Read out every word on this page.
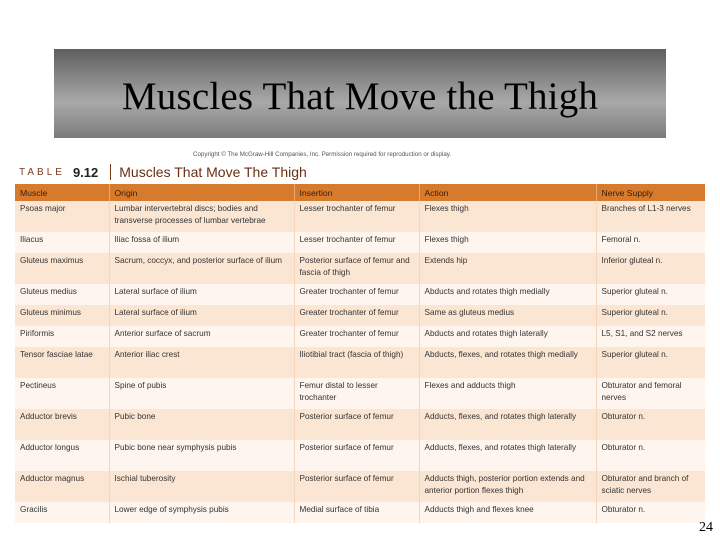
Muscles That Move the Thigh
Copyright © The McGraw-Hill Companies, Inc. Permission required for reproduction or display.
TABLE 9.12 Muscles That Move The Thigh
Muscle	Origin	Insertion	Action	Nerve Supply
Psoas major	Lumbar intervertebral discs; bodies and transverse processes of lumbar vertebrae	Lesser trochanter of femur	Flexes thigh	Branches of L1-3 nerves
Iliacus	Iliac fossa of ilium	Lesser trochanter of femur	Flexes thigh	Femoral n.
Gluteus maximus	Sacrum, coccyx, and posterior surface of ilium	Posterior surface of femur and fascia of thigh	Extends hip	Inferior gluteal n.
Gluteus medius	Lateral surface of ilium	Greater trochanter of femur	Abducts and rotates thigh medially	Superior gluteal n.
Gluteus minimus	Lateral surface of ilium	Greater trochanter of femur	Same as gluteus medius	Superior gluteal n.
Piriformis	Anterior surface of sacrum	Greater trochanter of femur	Abducts and rotates thigh laterally	L5, S1, and S2 nerves
Tensor fasciae latae	Anterior iliac crest	Iliotibial tract (fascia of thigh)	Abducts, flexes, and rotates thigh medially	Superior gluteal n.
Pectineus	Spine of pubis	Femur distal to lesser trochanter	Flexes and adducts thigh	Obturator and femoral nerves
Adductor brevis	Pubic bone	Posterior surface of femur	Adducts, flexes, and rotates thigh laterally	Obturator n.
Adductor longus	Pubic bone near symphysis pubis	Posterior surface of femur	Adducts, flexes, and rotates thigh laterally	Obturator n.
Adductor magnus	Ischial tuberosity	Posterior surface of femur	Adducts thigh, posterior portion extends and anterior portion flexes thigh	Obturator and branch of sciatic nerves
Gracilis	Lower edge of symphysis pubis	Medial surface of tibia	Adducts thigh and flexes knee	Obturator n.
24
